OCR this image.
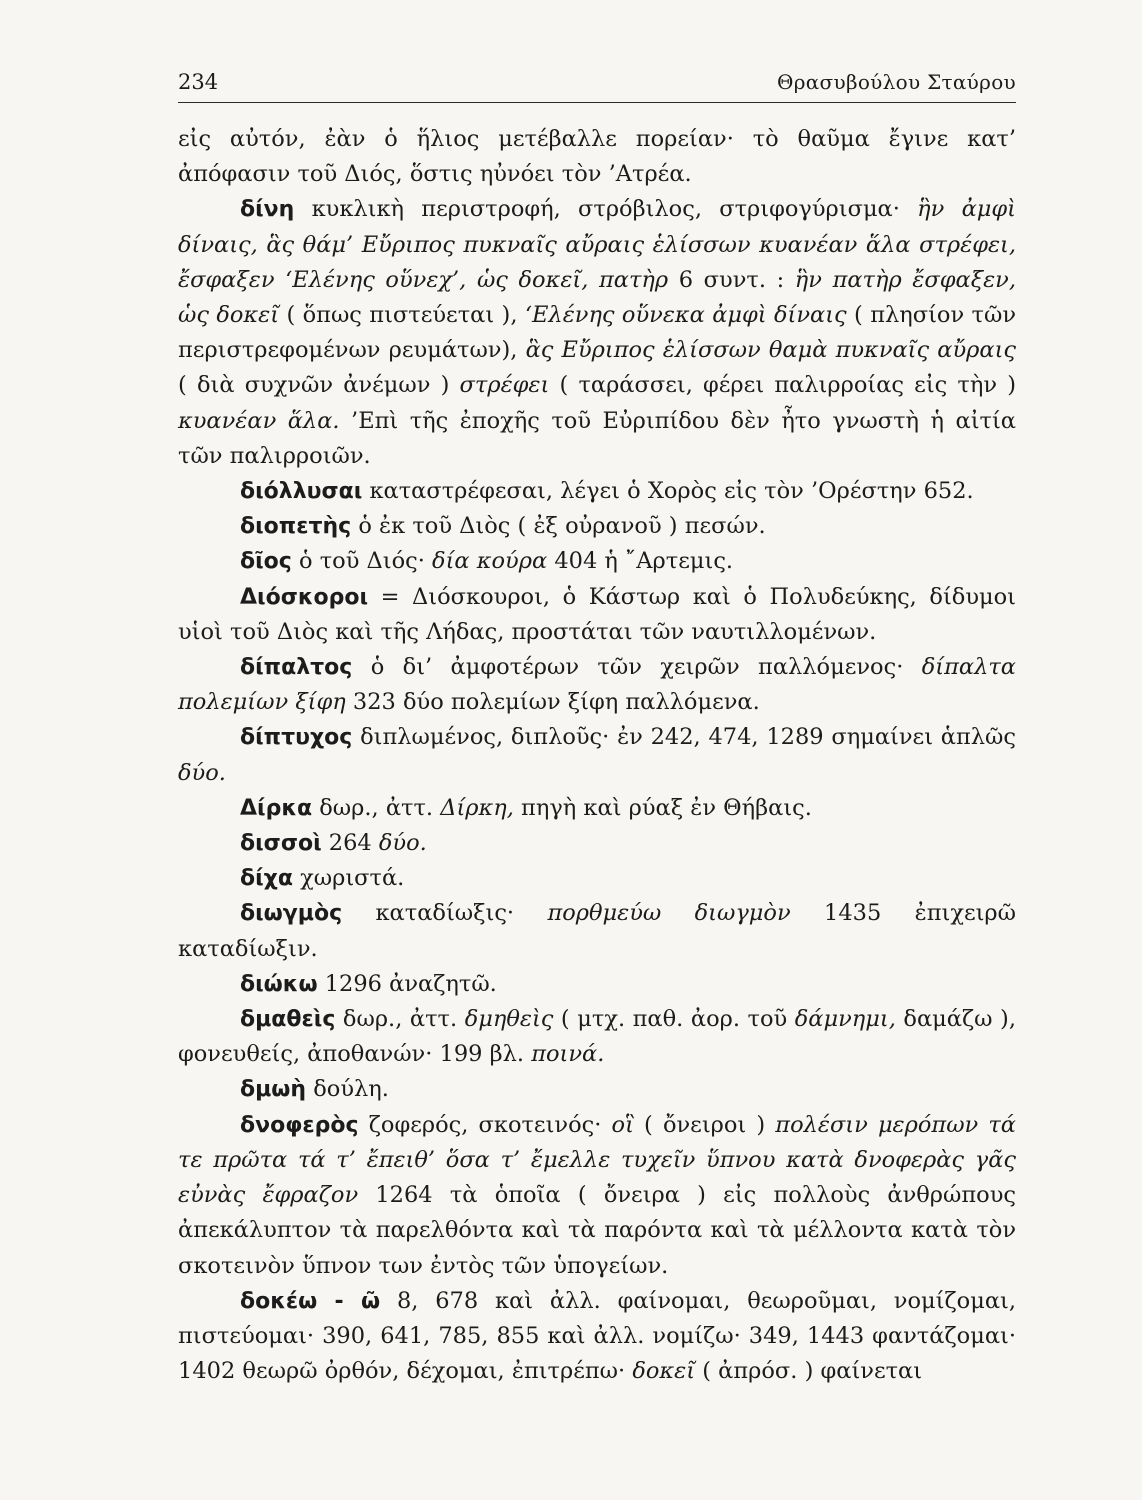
234	Θρασυβούλου Σταύρου

εἰς αὐτόν, ἐὰν ὁ ἥλιος μετέβαλλε πορείαν· τὸ θαῦμα ἔγινε κατ’ ἀπόφασιν τοῦ Διός, ὅστις ηὐνόει τὸν ’Ατρέα.

δίνη κυκλικὴ περιστροφή, στρόβιλος, στριφογύρισμα· ἣν ἀμφὶ δίναις, ἃς θάμ’ Εὔριπος πυκναῖς αὔραις ἑλίσσων κυανέαν ἅλα στρέφει, ἔσφαξεν ‘Ελένης οὕνεχ’, ὡς δοκεῖ, πατὴρ 6 συντ. : ἣν πατὴρ ἔσφαξεν, ὡς δοκεῖ ( ὅπως πιστεύεται ), ‘Ελένης οὕνεκα ἀμφὶ δίναις ( πλησίον τῶν περιστρεφομένων ρευμάτων), ἃς Εὔριπος ἑλίσσων θαμὰ πυκναῖς αὔραις ( διὰ συχνῶν ἀνέμων ) στρέφει ( ταράσσει, φέρει παλιρροίας εἰς τὴν ) κυανέαν ἅλα. ’Επὶ τῆς ἐποχῆς τοῦ Εὐριπίδου δὲν ἦτο γνωστὴ ἡ αἰτία τῶν παλιρροιῶν.

διόλλυσαι καταστρέφεσαι, λέγει ὁ Χορὸς εἰς τὸν ’Ορέστην 652.

διοπετὴς ὁ ἐκ τοῦ Διὸς ( ἐξ οὐρανοῦ ) πεσών.

δῖος ὁ τοῦ Διός· δία κούρα 404 ἡ ῎Αρτεμις.

Διόσκοροι = Διόσκουροι, ὁ Κάστωρ καὶ ὁ Πολυδεύκης, δίδυμοι υἱοὶ τοῦ Διὸς καὶ τῆς Λήδας, προστάται τῶν ναυτιλλομένων.

δίπαλτος ὁ δι’ ἀμφοτέρων τῶν χειρῶν παλλόμενος· δίπαλτα πολεμίων ξίφη 323 δύο πολεμίων ξίφη παλλόμενα.

δίπτυχος διπλωμένος, διπλοῦς· ἐν 242, 474, 1289 σημαίνει ἁπλῶς δύο.

Δίρκα δωρ., ἀττ. Δίρκη, πηγὴ καὶ ρύαξ ἐν Θήβαις.

δισσοὶ 264 δύο.

δίχα χωριστά.

διωγμὸς καταδίωξις· πορθμεύω διωγμὸν 1435 ἐπιχειρῶ καταδίωξιν.

διώκω 1296 ἀναζητῶ.

δμαθεὶς δωρ., ἀττ. δμηθεὶς ( μτχ. παθ. ἀορ. τοῦ δάμνημι, δαμάζω ), φονευθείς, ἀποθανών· 199 βλ. ποινά.

δμωὴ δούλη.

δνοφερὸς ζοφερός, σκοτεινός· οἳ ( ὄνειροι ) πολέσιν μερόπων τά τε πρῶτα τά τ’ ἔπειθ’ ὅσα τ’ ἔμελλε τυχεῖν ὕπνου κατὰ δνοφερὰς γᾶς εὐνὰς ἔφραζον 1264 τὰ ὁποῖα ( ὄνειρα ) εἰς πολλοὺς ἀνθρώπους ἀπεκάλυπτον τὰ παρελθόντα καὶ τὰ παρόντα καὶ τὰ μέλλοντα κατὰ τὸν σκοτεινὸν ὕπνον των ἐντὸς τῶν ὑπογείων.

δοκέω - ῶ 8, 678 καὶ ἀλλ. φαίνομαι, θεωροῦμαι, νομίζομαι, πιστεύομαι· 390, 641, 785, 855 καὶ ἀλλ. νομίζω· 349, 1443 φαντάζομαι· 1402 θεωρῶ ὀρθόν, δέχομαι, ἐπιτρέπω· δοκεῖ ( ἀπρόσ. ) φαίνεται
